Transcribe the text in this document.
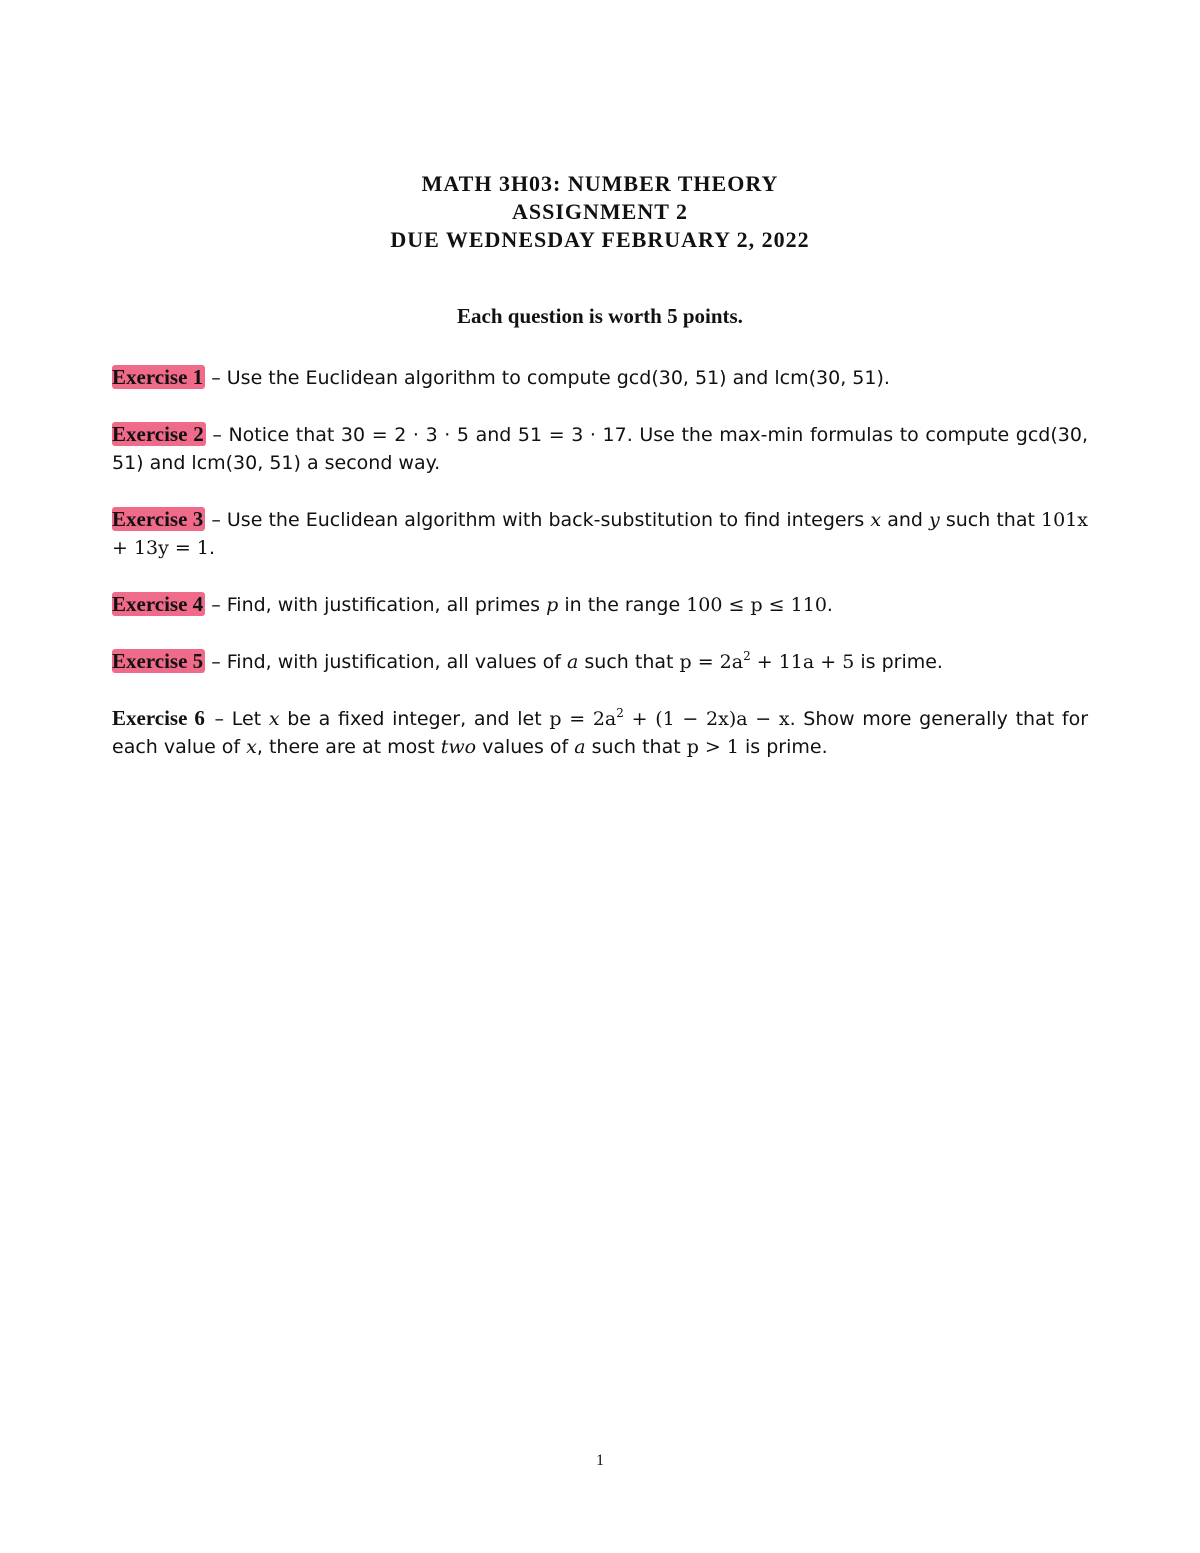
MATH 3H03: NUMBER THEORY
ASSIGNMENT 2
DUE WEDNESDAY FEBRUARY 2, 2022
Each question is worth 5 points.
Exercise 1 – Use the Euclidean algorithm to compute gcd(30, 51) and lcm(30, 51).
Exercise 2 – Notice that 30 = 2 · 3 · 5 and 51 = 3 · 17. Use the max-min formulas to compute gcd(30, 51) and lcm(30, 51) a second way.
Exercise 3 – Use the Euclidean algorithm with back-substitution to find integers x and y such that 101x + 13y = 1.
Exercise 4 – Find, with justification, all primes p in the range 100 ≤ p ≤ 110.
Exercise 5 – Find, with justification, all values of a such that $p = 2a^2 + 11a + 5$ is prime.
Exercise 6 – Let x be a fixed integer, and let $p = 2a^2 + (1 - 2x)a - x$. Show more generally that for each value of x, there are at most two values of a such that p > 1 is prime.
1
